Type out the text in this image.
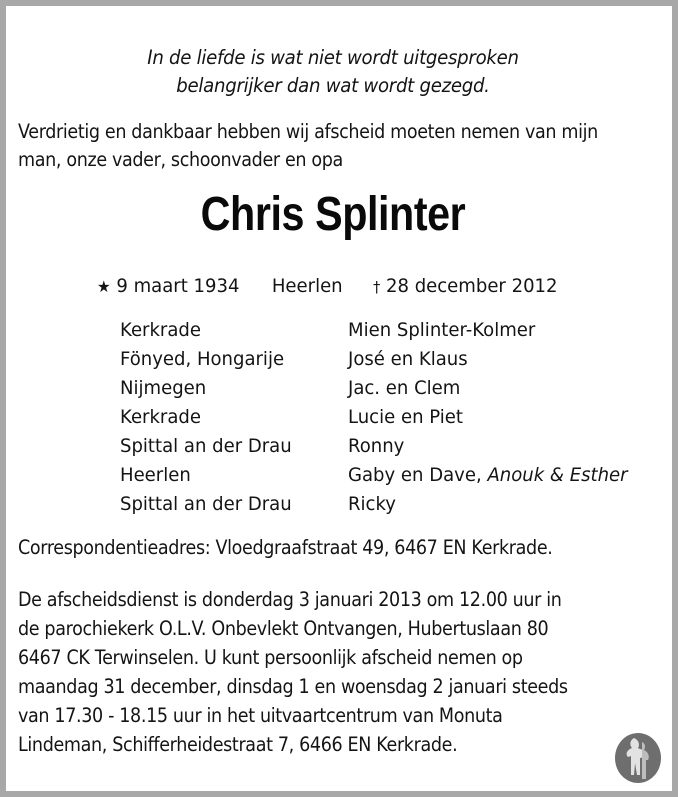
In de liefde is wat niet wordt uitgesproken
belangrijker dan wat wordt gezegd.
Verdrietig en dankbaar hebben wij afscheid moeten nemen van mijn
man, onze vader, schoonvader en opa
Chris Splinter
★ 9 maart 1934 Heerlen † 28 december 2012
Kerkrade	Mien Splinter-Kolmer
Fönyed, Hongarije	José en Klaus
Nijmegen	Jac. en Clem
Kerkrade	Lucie en Piet
Spittal an der Drau	Ronny
Heerlen	Gaby en Dave, Anouk & Esther
Spittal an der Drau	Ricky
Correspondentieadres: Vloedgraafstraat 49, 6467 EN Kerkrade.
De afscheidsdienst is donderdag 3 januari 2013 om 12.00 uur in
de parochiekerk O.L.V. Onbevlekt Ontvangen, Hubertuslaan 80
6467 CK Terwinselen. U kunt persoonlijk afscheid nemen op
maandag 31 december, dinsdag 1 en woensdag 2 januari steeds
van 17.30 - 18.15 uur in het uitvaartcentrum van Monuta
Lindeman, Schifferheidestraat 7, 6466 EN Kerkrade.
